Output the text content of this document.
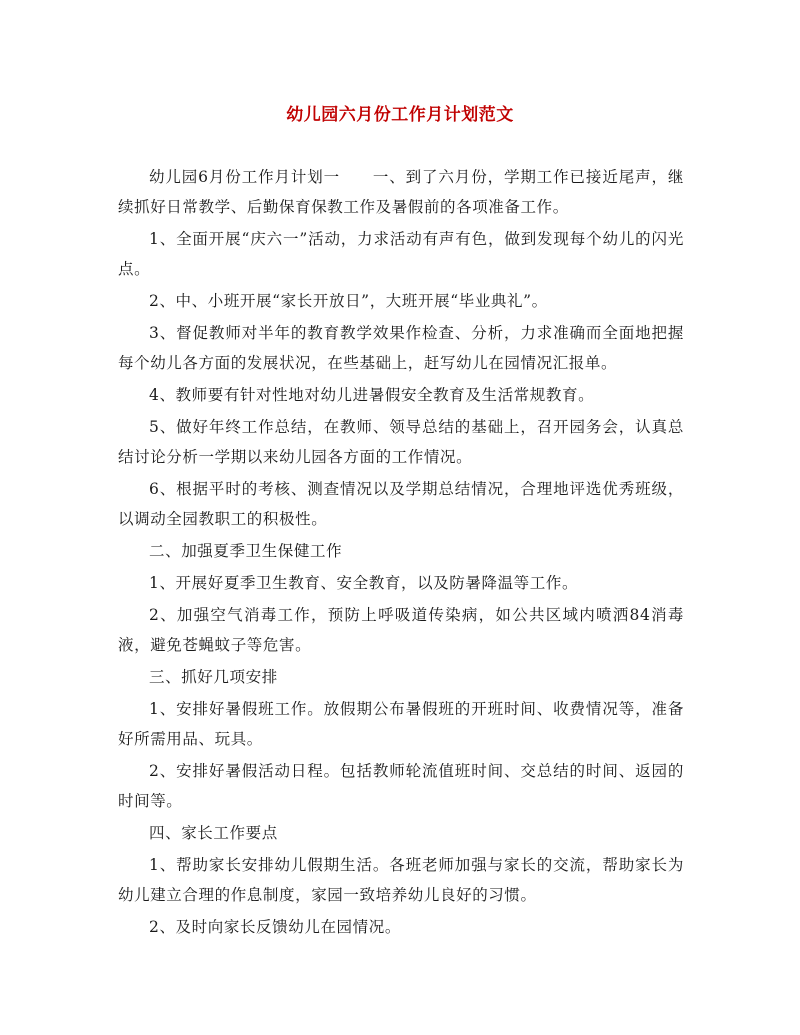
幼儿园六月份工作月计划范文

幼儿园6月份工作月计划一　　一、到了六月份，学期工作已接近尾声，继续抓好日常教学、后勤保育保教工作及暑假前的各项准备工作。

1、全面开展“庆六一”活动，力求活动有声有色，做到发现每个幼儿的闪光点。

2、中、小班开展“家长开放日”，大班开展“毕业典礼”。

3、督促教师对半年的教育教学效果作检查、分析，力求准确而全面地把握每个幼儿各方面的发展状况，在些基础上，赶写幼儿在园情况汇报单。

4、教师要有针对性地对幼儿进暑假安全教育及生活常规教育。

5、做好年终工作总结，在教师、领导总结的基础上，召开园务会，认真总结讨论分析一学期以来幼儿园各方面的工作情况。

6、根据平时的考核、测查情况以及学期总结情况，合理地评选优秀班级，以调动全园教职工的积极性。

二、加强夏季卫生保健工作

1、开展好夏季卫生教育、安全教育，以及防暑降温等工作。

2、加强空气消毒工作，预防上呼吸道传染病，如公共区域内喷洒84消毒液，避免苍蝇蚊子等危害。

三、抓好几项安排

1、安排好暑假班工作。放假期公布暑假班的开班时间、收费情况等，准备好所需用品、玩具。

2、安排好暑假活动日程。包括教师轮流值班时间、交总结的时间、返园的时间等。

四、家长工作要点

1、帮助家长安排幼儿假期生活。各班老师加强与家长的交流，帮助家长为幼儿建立合理的作息制度，家园一致培养幼儿良好的习惯。

2、及时向家长反馈幼儿在园情况。
